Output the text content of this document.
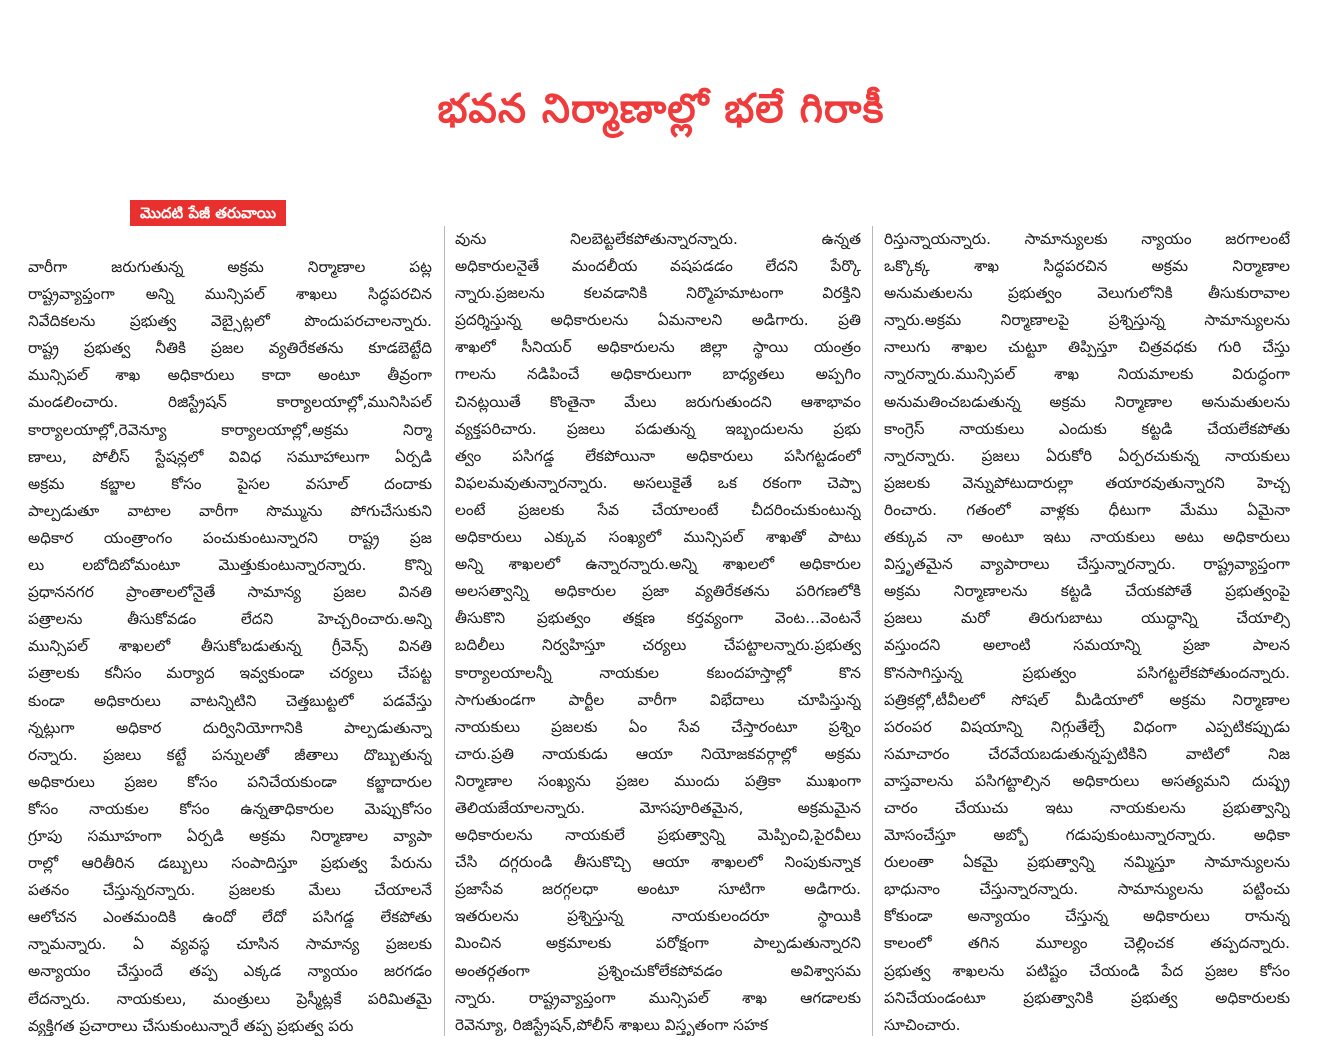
భవన నిర్మాణాల్లో భలే గిరాకీ
మొదటి పేజీ తరువాయి

వారీగా జరుగుతున్న అక్రమ నిర్మాణాల పట్ల

రాష్ట్రవ్యాప్తంగా అన్ని మున్సిపల్ శాఖలు సిద్ధపరచిన

నివేదికలను ప్రభుత్వ వెబ్సైట్లలో పొందుపరచాలన్నారు.

రాష్ట్ర ప్రభుత్వ నీతికి ప్రజల వ్యతిరేకతను కూడబెట్టేది

మున్సిపల్ శాఖ అధికారులు కాదా అంటూ తీవ్రంగా

మండలించారు. రిజిస్ట్రేషన్ కార్యాలయాల్లో,మునిసిపల్

కార్యాలయాల్లో,రెవెన్యూ కార్యాలయాల్లో,అక్రమ నిర్మా

ణాలు, పోలీస్ స్టేషన్లలో వివిధ సమూహాలుగా ఏర్పడి

అక్రమ కబ్జాల కోసం పైసల వసూల్ దందాకు

పాల్పడుతూ వాటాల వారీగా సొమ్మును పోగుచేసుకుని

అధికార యంత్రాంగం పంచుకుంటున్నారని రాష్ట్ర ప్రజ

లు లబోదిబోమంటూ మొత్తుకుంటున్నారన్నారు. కొన్ని

ప్రధాననగర ప్రాంతాలలోనైతే సామాన్య ప్రజల వినతి

పత్రాలను తీసుకోవడం లేదని హెచ్చరించారు.అన్ని

మున్సిపల్ శాఖలలో తీసుకోబడుతున్న గ్రీవెన్స్ వినతి

పత్రాలకు కనీసం మర్యాద ఇవ్వకుండా చర్యలు చేపట్ట

కుండా అధికారులు వాటన్నిటిని చెత్తబుట్టలో పడవేస్తు

న్నట్లుగా అధికార దుర్వినియోగానికి పాల్పడుతున్నా

రన్నారు. ప్రజలు కట్టే పన్నులతో జీతాలు దొబ్బుతున్న

అధికారులు ప్రజల కోసం పనిచేయకుండా కబ్జాదారుల

కోసం నాయకుల కోసం ఉన్నతాధికారుల మెప్పుకోసం

గ్రూపు సమూహంగా ఏర్పడి అక్రమ నిర్మాణాల వ్యాపా

రాల్లో ఆరితీరిన డబ్బులు సంపాదిస్తూ ప్రభుత్వ పేరును

పతనం చేస్తున్నరన్నారు. ప్రజలకు మేలు చేయాలనే

ఆలోచన ఎంతమందికి ఉందో లేదో పసిగడ్డ లేకపోతు

న్నామన్నారు. ఏ వ్యవస్థ చూసిన సామాన్య ప్రజలకు

అన్యాయం చేస్తుందే తప్ప ఎక్కడ న్యాయం జరగడం

లేదన్నారు. నాయకులు, మంత్రులు ప్రెస్మీట్లకే పరిమితమై

వ్యక్తిగత ప్రచారాలు చేసుకుంటున్నారే తప్ప ప్రభుత్వ పరు

వును నిలబెట్టలేకపోతున్నారన్నారు. ఉన్నత

అధికారులనైతే మందలీయ వషపడడం లేదని పేర్కొ

న్నారు.ప్రజలను కలవడానికి నిర్మొహమాటంగా విరక్తిని

ప్రదర్శిస్తున్న అధికారులను ఏమనాలని అడిగారు. ప్రతి

శాఖలో సీనియర్ అధికారులను జిల్లా స్థాయి యంత్రం

గాలను నడిపించే అధికారులుగా బాధ్యతలు అప్పగిం

చినట్లయితే కొంతైనా మేలు జరుగుతుందని ఆశాభావం

వ్యక్తపరిచారు. ప్రజలు పడుతున్న ఇబ్బందులను ప్రభు

త్వం పసిగడ్డ లేకపోయినా అధికారులు పసిగట్టడంలో

విఫలమవుతున్నారన్నారు. అసలుకైతే ఒక రకంగా చెప్పా

లంటే ప్రజలకు సేవ చేయాలంటే చీదరించుకుంటున్న

అధికారులు ఎక్కువ సంఖ్యలో మున్సిపల్ శాఖతో పాటు

అన్ని శాఖలలో ఉన్నారన్నారు.అన్ని శాఖలలో అధికారుల

అలసత్వాన్ని అధికారుల ప్రజా వ్యతిరేకతను పరిగణలోకి

తీసుకొని ప్రభుత్వం తక్షణ కర్తవ్యంగా వెంట...వెంటనే

బదిలీలు నిర్వహిస్తూ చర్యలు చేపట్టాలన్నారు.ప్రభుత్వ

కార్యాలయాలన్నీ నాయకుల కబందహస్తాల్లో కొన

సాగుతుండగా పార్టీల వారీగా విభేదాలు చూపిస్తున్న

నాయకులు ప్రజలకు ఏం సేవ చేస్తారంటూ ప్రశ్నిం

చారు.ప్రతి నాయకుడు ఆయా నియోజకవర్గాల్లో అక్రమ

నిర్మాణాల సంఖ్యను ప్రజల ముందు పత్రికా ముఖంగా

తెలియజేయాలన్నారు. మోసపూరితమైన, అక్రమమైన

అధికారులను నాయకులే ప్రభుత్వాన్ని మెప్పించి,పైరవీలు

చేసి దగ్గరుండి తీసుకొచ్చి ఆయా శాఖలలో నింపుకున్నాక

ప్రజాసేవ జరగ్గలధా అంటూ సూటిగా అడిగారు.

ఇతరులను ప్రశ్నిస్తున్న నాయకులందరూ స్థాయికి

మించిన అక్రమాలకు పరోక్షంగా పాల్పడుతున్నారని

అంతర్గతంగా ప్రశ్నించుకోలేకపోవడం అవిశ్వాసమ

న్నారు. రాష్ట్రవ్యాప్తంగా మున్సిపల్ శాఖ ఆగడాలకు

రెవెన్యూ, రిజిస్ట్రేషన్,పోలీస్ శాఖలు విస్తృతంగా సహక

రిస్తున్నాయన్నారు. సామాన్యులకు న్యాయం జరగాలంటే

ఒక్కొక్క శాఖ సిద్ధపరచిన అక్రమ నిర్మాణాల

అనుమతులను ప్రభుత్వం వెలుగులోనికి తీసుకురావాల

న్నారు.అక్రమ నిర్మాణాలపై ప్రశ్నిస్తున్న సామాన్యులను

నాలుగు శాఖల చుట్టూ తిప్పిస్తూ చిత్రవధకు గురి చేస్తు

న్నారన్నారు.మున్సిపల్ శాఖ నియమాలకు విరుద్ధంగా

అనుమతించబడుతున్న అక్రమ నిర్మాణాల అనుమతులను

కాంగ్రెస్ నాయకులు ఎందుకు కట్టడి చేయలేకపోతు

న్నారన్నారు. ప్రజలు ఏరుకోరి ఏర్పరచుకున్న నాయకులు

ప్రజలకు వెన్నుపోటుదారుల్లా తయారవుతున్నారని హెచ్చ

రించారు. గతంలో వాళ్లకు ధీటుగా మేము ఏమైనా

తక్కువ నా అంటూ ఇటు నాయకులు అటు అధికారులు

విస్తృతమైన వ్యాపారాలు చేస్తున్నారన్నారు. రాష్ట్రవ్యాప్తంగా

అక్రమ నిర్మాణాలను కట్టడి చేయకపోతే ప్రభుత్వంపై

ప్రజలు మరో తిరుగుబాటు యుద్ధాన్ని చేయాల్సి

వస్తుందని అలాంటి సమయాన్ని ప్రజా పాలన

కొనసాగిస్తున్న ప్రభుత్వం పసిగట్టలేకపోతుందన్నారు.

పత్రికల్లో,టీవీలలో సోషల్ మీడియాలో అక్రమ నిర్మాణాల

పరంపర విషయాన్ని నిగ్గుతేల్చే విధంగా ఎప్పటికప్పుడు

సమాచారం చేరవేయబడుతున్నప్పటికిని వాటిలో నిజ

వాస్తవాలను పసిగట్టాల్సిన అధికారులు అసత్యమని దుష్ప్ర

చారం చేయుచు ఇటు నాయకులను ప్రభుత్వాన్ని

మోసంచేస్తూ అబ్బో గడుపుకుంటున్నారన్నారు. అధికా

రులంతా ఏకమై ప్రభుత్వాన్ని నమ్మిస్తూ సామాన్యులను

భాధునాం చేస్తున్నారన్నారు. సామాన్యులను పట్టించు

కోకుండా అన్యాయం చేస్తున్న అధికారులు రానున్న

కాలంలో తగిన మూల్యం చెల్లించక తప్పదన్నారు.

ప్రభుత్వ శాఖలను పటిష్టం చేయండి పేద ప్రజల కోసం

పనిచేయండంటూ ప్రభుత్వానికి ప్రభుత్వ అధికారులకు

సూచించారు.
